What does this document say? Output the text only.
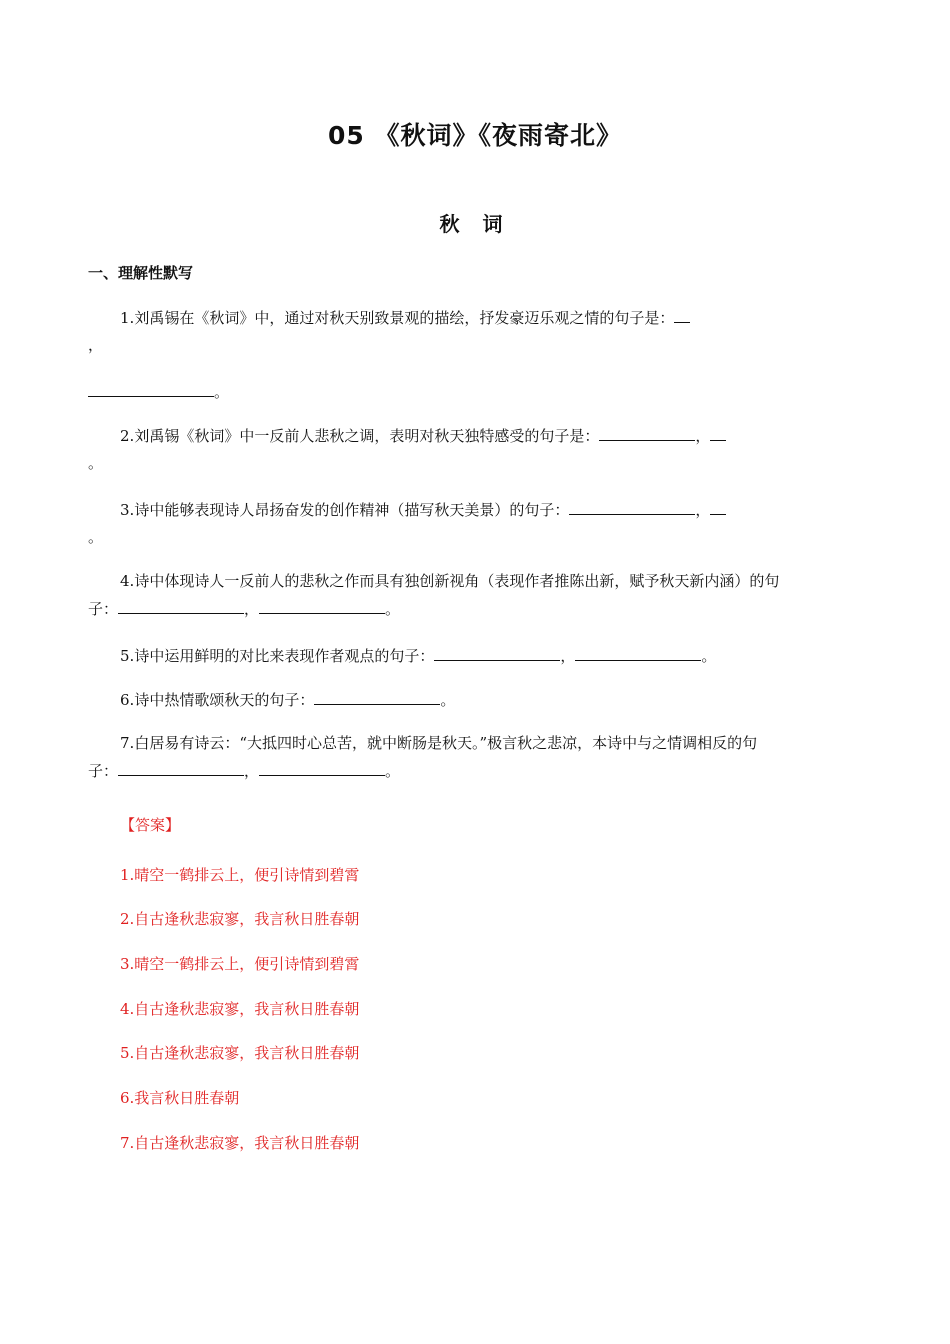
05 《秋词》《夜雨寄北》
秋 词
一、理解性默写
1.刘禹锡在《秋词》中，通过对秋天别致景观的描绘，抒发豪迈乐观之情的句子是：
，
。
2.刘禹锡《秋词》中一反前人悲秋之调，表明对秋天独特感受的句子是：	，
。
3.诗中能够表现诗人昂扬奋发的创作精神（描写秋天美景）的句子：	，
。
4.诗中体现诗人一反前人的悲秋之作而具有独创新视角（表现作者推陈出新，赋予秋天新内涵）的句
子：	，	。
5.诗中运用鲜明的对比来表现作者观点的句子：	，	。
6.诗中热情歌颂秋天的句子：	。
7.白居易有诗云：“大抵四时心总苦，就中断肠是秋天。”极言秋之悲凉，本诗中与之情调相反的句
子：	，	。
【答案】
1.晴空一鹤排云上，便引诗情到碧霄
2.自古逢秋悲寂寥，我言秋日胜春朝
3.晴空一鹤排云上，便引诗情到碧霄
4.自古逢秋悲寂寥，我言秋日胜春朝
5.自古逢秋悲寂寥，我言秋日胜春朝
6.我言秋日胜春朝
7.自古逢秋悲寂寥，我言秋日胜春朝
